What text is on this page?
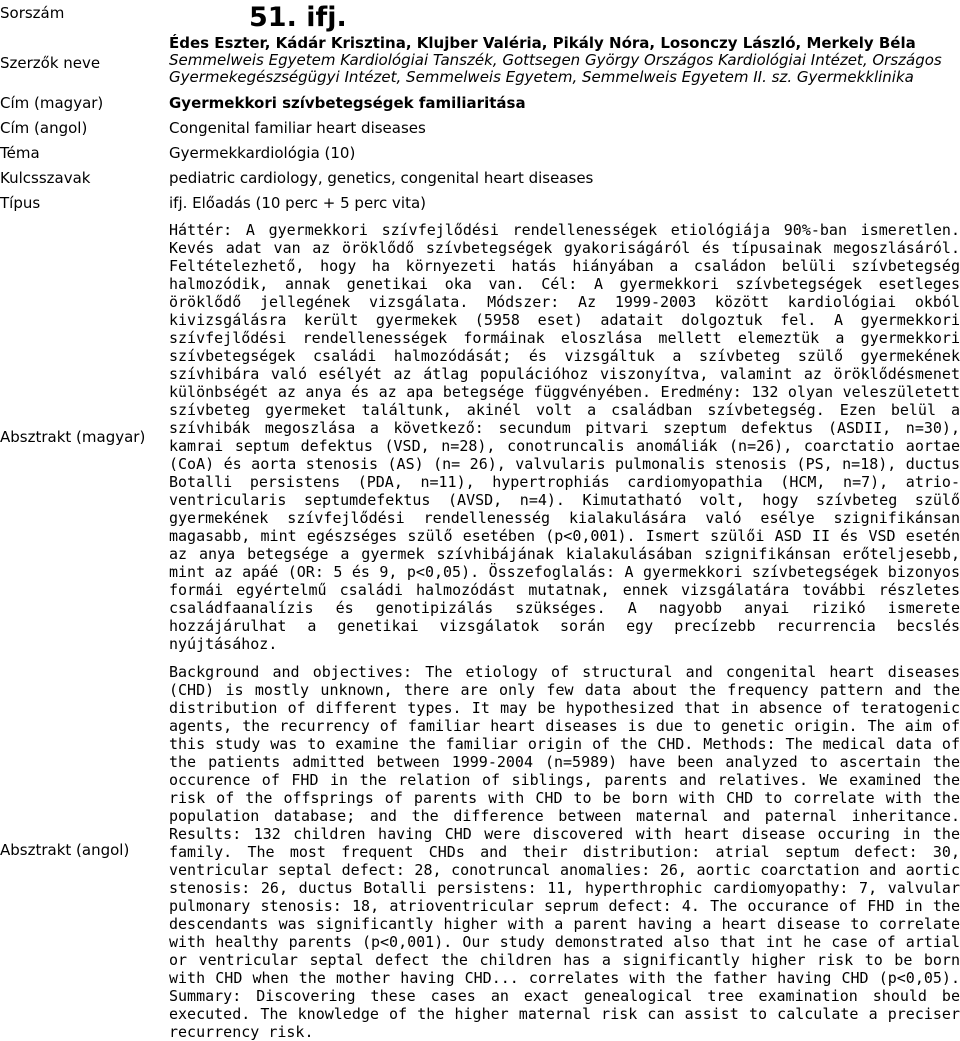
Sorszám	51. ifj.

Szerzők neve	Édes Eszter, Kádár Krisztina, Klujber Valéria, Pikály Nóra, Losonczy László, Merkely Béla
Semmelweis Egyetem Kardiológiai Tanszék, Gottsegen György Országos Kardiológiai Intézet, Országos Gyermekegészségügyi Intézet, Semmelweis Egyetem, Semmelweis Egyetem II. sz. Gyermekklinika

Cím (magyar)	Gyermekkori szívbetegségek familiaritása
Cím (angol)	Congenital familiar heart diseases
Téma	Gyermekkardiológia (10)
Kulcsszavak	pediatric cardiology, genetics, congenital heart diseases
Típus	ifj. Előadás (10 perc + 5 perc vita)
Absztrakt (magyar)	Háttér: A gyermekkori szívfejlődési rendellenességek etiológiája 90%-ban ismeretlen. Kevés adat van az öröklődő szívbetegségek gyakoriságáról és típusainak megoszlásáról. Feltételezhető, hogy ha környezeti hatás hiányában a családon belüli szívbetegség halmozódik, annak genetikai oka van. Cél: A gyermekkori szívbetegségek esetleges öröklődő jellegének vizsgálata. Módszer: Az 1999-2003 között kardiológiai okból kivizsgálásra került gyermekek (5958 eset) adatait dolgoztuk fel. A gyermekkori szívfejlődési rendellenességek formáinak eloszlása mellett elemeztük a gyermekkori szívbetegségek családi halmozódását; és vizsgáltuk a szívbeteg szülő gyermekének szívhibára való esélyét az átlag populációhoz viszonyítva, valamint az öröklődésmenet különbségét az anya és az apa betegsége függvényében. Eredmény: 132 olyan veleszületett szívbeteg gyermeket találtunk, akinél volt a családban szívbetegség. Ezen belül a szívhibák megoszlása a következő: secundum pitvari szeptum defektus (ASDII, n=30), kamrai septum defektus (VSD, n=28), conotruncalis anomáliák (n=26), coarctatio aortae (CoA) és aorta stenosis (AS) (n= 26), valvularis pulmonalis stenosis (PS, n=18), ductus Botalli persistens (PDA, n=11), hypertrophiás cardiomyopathia (HCM, n=7), atrio-ventricularis septumdefektus (AVSD, n=4). Kimutatható volt, hogy szívbeteg szülő gyermekének szívfejlődési rendellenesség kialakulására való esélye szignifikánsan magasabb, mint egészséges szülő esetében (p<0,001). Ismert szülői ASD II és VSD esetén az anya betegsége a gyermek szívhibájának kialakulásában szignifikánsan erőteljesebb, mint az apáé (OR: 5 és 9, p<0,05). Összefoglalás: A gyermekkori szívbetegségek bizonyos formái egyértelmű családi halmozódást mutatnak, ennek vizsgálatára további részletes családfaanalízis és genotipizálás szükséges. A nagyobb anyai rizikó ismerete hozzájárulhat a genetikai vizsgálatok során egy precízebb recurrencia becslés nyújtásához.

Absztrakt (angol)	Background and objectives: The etiology of structural and congenital heart diseases (CHD) is mostly unknown, there are only few data about the frequency pattern and the distribution of different types. It may be hypothesized that in absence of teratogenic agents, the recurrency of familiar heart diseases is due to genetic origin. The aim of this study was to examine the familiar origin of the CHD. Methods: The medical data of the patients admitted between 1999-2004 (n=5989) have been analyzed to ascertain the occurence of FHD in the relation of siblings, parents and relatives. We examined the risk of the offsprings of parents with CHD to be born with CHD to correlate with the population database; and the difference between maternal and paternal inheritance. Results: 132 children having CHD were discovered with heart disease occuring in the family. The most frequent CHDs and their distribution: atrial septum defect: 30, ventricular septal defect: 28, conotruncal anomalies: 26, aortic coarctation and aortic stenosis: 26, ductus Botalli persistens: 11, hyperthrophic cardiomyopathy: 7, valvular pulmonary stenosis: 18, atrioventricular seprum defect: 4. The occurance of FHD in the descendants was significantly higher with a parent having a heart disease to correlate with healthy parents (p<0,001). Our study demonstrated also that int he case of artial or ventricular septal defect the children has a significantly higher risk to be born with CHD when the mother having CHD... correlates with the father having CHD (p<0,05). Summary: Discovering these cases an exact genealogical tree examination should be executed. The knowledge of the higher maternal risk can assist to calculate a preciser recurrency risk.
